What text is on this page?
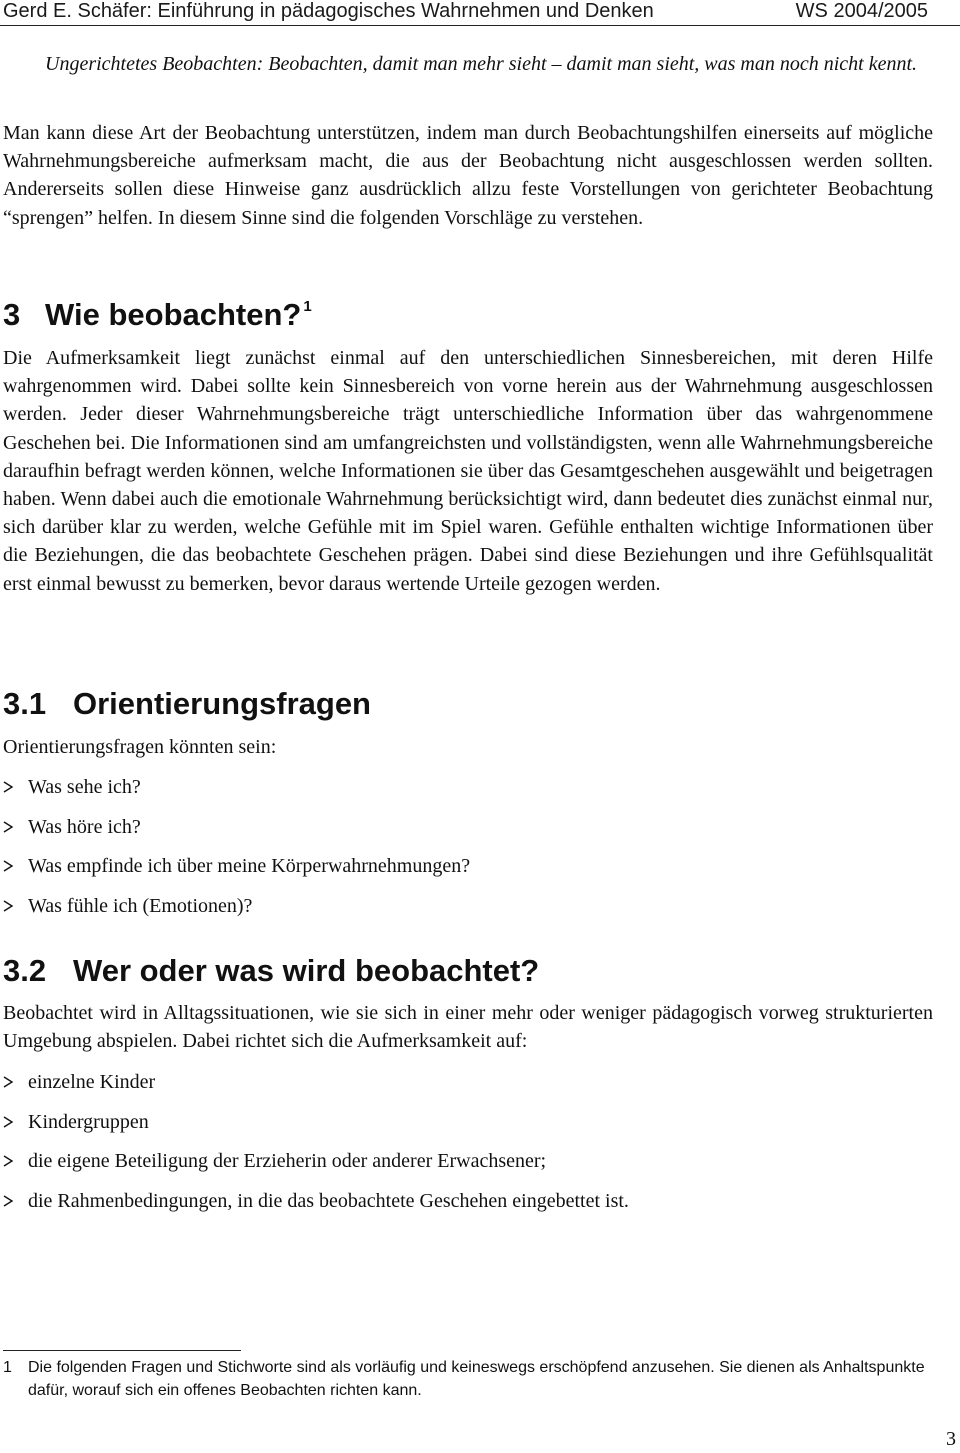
Gerd E. Schäfer: Einführung in pädagogisches Wahrnehmen und Denken	WS 2004/2005

Ungerichtetes Beobachten: Beobachten, damit man mehr sieht – damit man sieht, was man noch nicht kennt.

Man kann diese Art der Beobachtung unterstützen, indem man durch Beobachtungshilfen einerseits auf mögliche Wahrnehmungsbereiche aufmerksam macht, die aus der Beobachtung nicht ausgeschlossen werden sollten. Andererseits sollen diese Hinweise ganz ausdrücklich allzu feste Vorstellungen von gerichteter Beobachtung “sprengen” helfen. In diesem Sinne sind die folgenden Vorschläge zu verstehen.

3 Wie beobachten? $^1$

Die Aufmerksamkeit liegt zunächst einmal auf den unterschiedlichen Sinnesbereichen, mit deren Hilfe wahrgenommen wird. Dabei sollte kein Sinnesbereich von vorne herein aus der Wahrnehmung ausgeschlossen werden. Jeder dieser Wahrnehmungsbereiche trägt unterschiedliche Information über das wahrgenommene Geschehen bei. Die Informationen sind am umfangreichsten und vollständigsten, wenn alle Wahrnehmungsbereiche daraufhin befragt werden können, welche Informationen sie über das Gesamtgeschehen ausgewählt und beigetragen haben. Wenn dabei auch die emotionale Wahrnehmung berücksichtigt wird, dann bedeutet dies zunächst einmal nur, sich darüber klar zu werden, welche Gefühle mit im Spiel waren. Gefühle enthalten wichtige Informationen über die Beziehungen, die das beobachtete Geschehen prägen. Dabei sind diese Beziehungen und ihre Gefühlsqualität erst einmal bewusst zu bemerken, bevor daraus wertende Urteile gezogen werden.

3.1 Orientierungsfragen

Orientierungsfragen könnten sein:

Was sehe ich?
Was höre ich?
Was empfinde ich über meine Körperwahrnehmungen?
Was fühle ich (Emotionen)?
3.2 Wer oder was wird beobachtet?

Beobachtet wird in Alltagssituationen, wie sie sich in einer mehr oder weniger pädagogisch vorweg strukturierten Umgebung abspielen. Dabei richtet sich die Aufmerksamkeit auf:

einzelne Kinder
Kindergruppen
die eigene Beteiligung der Erzieherin oder anderer Erwachsener;
die Rahmenbedingungen, in die das beobachtete Geschehen eingebettet ist.
1 Die folgenden Fragen und Stichworte sind als vorläufig und keineswegs erschöpfend anzusehen. Sie dienen als Anhaltspunkte dafür, worauf sich ein offenes Beobachten richten kann.
3
